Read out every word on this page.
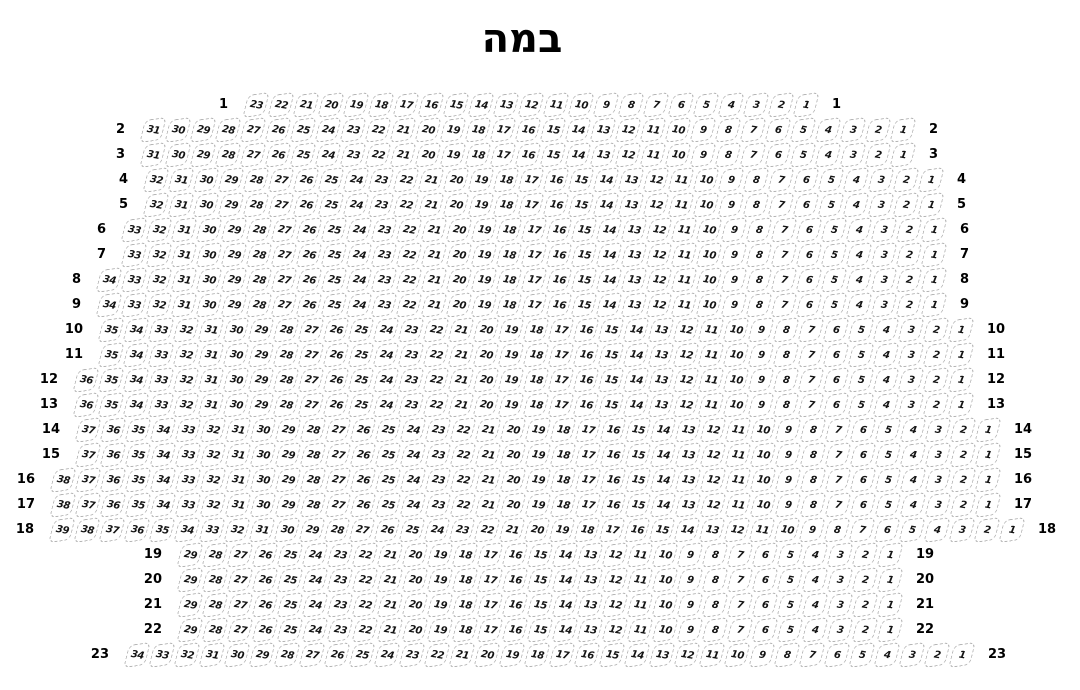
במה
1 23 22 21 20 19 18 17 16 15 14 13 12 11 10 9 8 7 6 5 4 3 2 1 1
2 31 30 29 28 27 26 25 24 23 22 21 20 19 18 17 16 15 14 13 12 11 10 9 8 7 6 5 4 3 2 1 2
3 31 30 29 28 27 26 25 24 23 22 21 20 19 18 17 16 15 14 13 12 11 10 9 8 7 6 5 4 3 2 1 3
4 32 31 30 29 28 27 26 25 24 23 22 21 20 19 18 17 16 15 14 13 12 11 10 9 8 7 6 5 4 3 2 1 4
5 32 31 30 29 28 27 26 25 24 23 22 21 20 19 18 17 16 15 14 13 12 11 10 9 8 7 6 5 4 3 2 1 5
6 33 32 31 30 29 28 27 26 25 24 23 22 21 20 19 18 17 16 15 14 13 12 11 10 9 8 7 6 5 4 3 2 1 6
7 33 32 31 30 29 28 27 26 25 24 23 22 21 20 19 18 17 16 15 14 13 12 11 10 9 8 7 6 5 4 3 2 1 7
8 34 33 32 31 30 29 28 27 26 25 24 23 22 21 20 19 18 17 16 15 14 13 12 11 10 9 8 7 6 5 4 3 2 1 8
9 34 33 32 31 30 29 28 27 26 25 24 23 22 21 20 19 18 17 16 15 14 13 12 11 10 9 8 7 6 5 4 3 2 1 9
10 35 34 33 32 31 30 29 28 27 26 25 24 23 22 21 20 19 18 17 16 15 14 13 12 11 10 9 8 7 6 5 4 3 2 1 10
11 35 34 33 32 31 30 29 28 27 26 25 24 23 22 21 20 19 18 17 16 15 14 13 12 11 10 9 8 7 6 5 4 3 2 1 11
12 36 35 34 33 32 31 30 29 28 27 26 25 24 23 22 21 20 19 18 17 16 15 14 13 12 11 10 9 8 7 6 5 4 3 2 1 12
13 36 35 34 33 32 31 30 29 28 27 26 25 24 23 22 21 20 19 18 17 16 15 14 13 12 11 10 9 8 7 6 5 4 3 2 1 13
14 37 36 35 34 33 32 31 30 29 28 27 26 25 24 23 22 21 20 19 18 17 16 15 14 13 12 11 10 9 8 7 6 5 4 3 2 1 14
15 37 36 35 34 33 32 31 30 29 28 27 26 25 24 23 22 21 20 19 18 17 16 15 14 13 12 11 10 9 8 7 6 5 4 3 2 1 15
16 38 37 36 35 34 33 32 31 30 29 28 27 26 25 24 23 22 21 20 19 18 17 16 15 14 13 12 11 10 9 8 7 6 5 4 3 2 1 16
17 38 37 36 35 34 33 32 31 30 29 28 27 26 25 24 23 22 21 20 19 18 17 16 15 14 13 12 11 10 9 8 7 6 5 4 3 2 1 17
18 39 38 37 36 35 34 33 32 31 30 29 28 27 26 25 24 23 22 21 20 19 18 17 16 15 14 13 12 11 10 9 8 7 6 5 4 3 2 1 18
19 29 28 27 26 25 24 23 22 21 20 19 18 17 16 15 14 13 12 11 10 9 8 7 6 5 4 3 2 1 19
20 29 28 27 26 25 24 23 22 21 20 19 18 17 16 15 14 13 12 11 10 9 8 7 6 5 4 3 2 1 20
21 29 28 27 26 25 24 23 22 21 20 19 18 17 16 15 14 13 12 11 10 9 8 7 6 5 4 3 2 1 21
22 29 28 27 26 25 24 23 22 21 20 19 18 17 16 15 14 13 12 11 10 9 8 7 6 5 4 3 2 1 22
23 34 33 32 31 30 29 28 27 26 25 24 23 22 21 20 19 18 17 16 15 14 13 12 11 10 9 8 7 6 5 4 3 2 1 23
